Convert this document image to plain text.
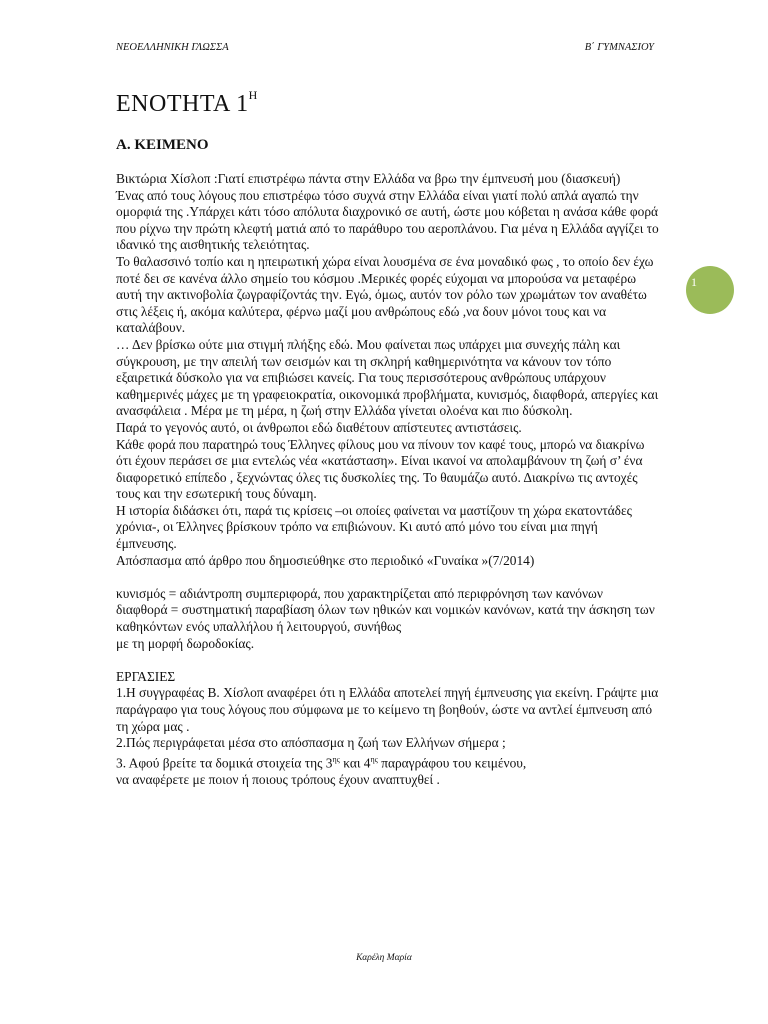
ΝΕΟΕΛΛΗΝΙΚΗ ΓΛΩΣΣΑ	Β΄ ΓΥΜΝΑΣΙΟΥ
ΕΝΟΤΗΤΑ $1^H$
Α. ΚΕΙΜΕΝΟ

Βικτώρια Χίσλοπ :Γιατί επιστρέφω πάντα στην Ελλάδα να βρω την έμπνευσή μου (διασκευή)

Ένας από τους λόγους που επιστρέφω τόσο συχνά στην Ελλάδα είναι γιατί πολύ απλά αγαπώ την ομορφιά της .Υπάρχει κάτι τόσο απόλυτα διαχρονικό σε αυτή, ώστε μου κόβεται η ανάσα κάθε φορά που ρίχνω την πρώτη κλεφτή ματιά από το παράθυρο του αεροπλάνου. Για μένα η Ελλάδα αγγίζει το ιδανικό της αισθητικής τελειότητας.

Το θαλασσινό τοπίο και η ηπειρωτική χώρα είναι λουσμένα σε ένα μοναδικό φως , το οποίο δεν έχω ποτέ δει σε κανένα άλλο σημείο του κόσμου .Μερικές φορές εύχομαι να μπορούσα να μεταφέρω αυτή την ακτινοβολία ζωγραφίζοντάς την. Εγώ, όμως, αυτόν τον ρόλο των χρωμάτων τον αναθέτω στις λέξεις ή, ακόμα καλύτερα, φέρνω μαζί μου ανθρώπους εδώ ,να δουν μόνοι τους και να καταλάβουν.

… Δεν βρίσκω ούτε μια στιγμή πλήξης εδώ. Μου φαίνεται πως υπάρχει μια συνεχής πάλη και σύγκρουση, με την απειλή των σεισμών και τη σκληρή καθημερινότητα να κάνουν τον τόπο εξαιρετικά δύσκολο για να επιβιώσει κανείς. Για τους περισσότερους ανθρώπους υπάρχουν καθημερινές μάχες με τη γραφειοκρατία, οικονομικά προβλήματα, κυνισμός, διαφθορά, απεργίες και ανασφάλεια . Μέρα με τη μέρα, η ζωή στην Ελλάδα γίνεται ολοένα και πιο δύσκολη.

Παρά το γεγονός αυτό, οι άνθρωποι εδώ διαθέτουν απίστευτες αντιστάσεις.

Κάθε φορά που παρατηρώ τους Έλληνες φίλους μου να πίνουν τον καφέ τους, μπορώ να διακρίνω ότι έχουν περάσει σε μια εντελώς νέα «κατάσταση». Είναι ικανοί να απολαμβάνουν τη ζωή σ’ ένα διαφορετικό επίπεδο , ξεχνώντας όλες τις δυσκολίες της. Το θαυμάζω αυτό. Διακρίνω τις αντοχές τους και την εσωτερική τους δύναμη.

Η ιστορία διδάσκει ότι, παρά τις κρίσεις –οι οποίες φαίνεται να μαστίζουν τη χώρα εκατοντάδες χρόνια-, οι Έλληνες βρίσκουν τρόπο να επιβιώνουν. Κι αυτό από μόνο του είναι μια πηγή έμπνευσης.

Απόσπασμα από άρθρο που δημοσιεύθηκε στο περιοδικό «Γυναίκα »(7/2014)

κυνισμός = αδιάντροπη συμπεριφορά, που χαρακτηρίζεται από περιφρόνηση των κανόνων

διαφθορά = συστηματική παραβίαση όλων των ηθικών και νομικών κανόνων, κατά την άσκηση των καθηκόντων ενός υπαλλήλου ή λειτουργού, συνήθως

με τη μορφή δωροδοκίας.

ΕΡΓΑΣΙΕΣ

1.Η συγγραφέας Β. Χίσλοπ αναφέρει ότι η Ελλάδα αποτελεί πηγή έμπνευσης για εκείνη. Γράψτε μια παράγραφο για τους λόγους που σύμφωνα με το κείμενο τη βοηθούν, ώστε να αντλεί έμπνευση από τη χώρα μας .

2.Πώς περιγράφεται μέσα στο απόσπασμα η ζωή των Ελλήνων σήμερα ;

3. Αφού βρείτε τα δομικά στοιχεία της $3^{\eta\varsigma}$ και $4^{\eta\varsigma}$ παραγράφου του κειμένου,

να αναφέρετε με ποιον ή ποιους τρόπους έχουν αναπτυχθεί .

1
Καρέλη Μαρία
